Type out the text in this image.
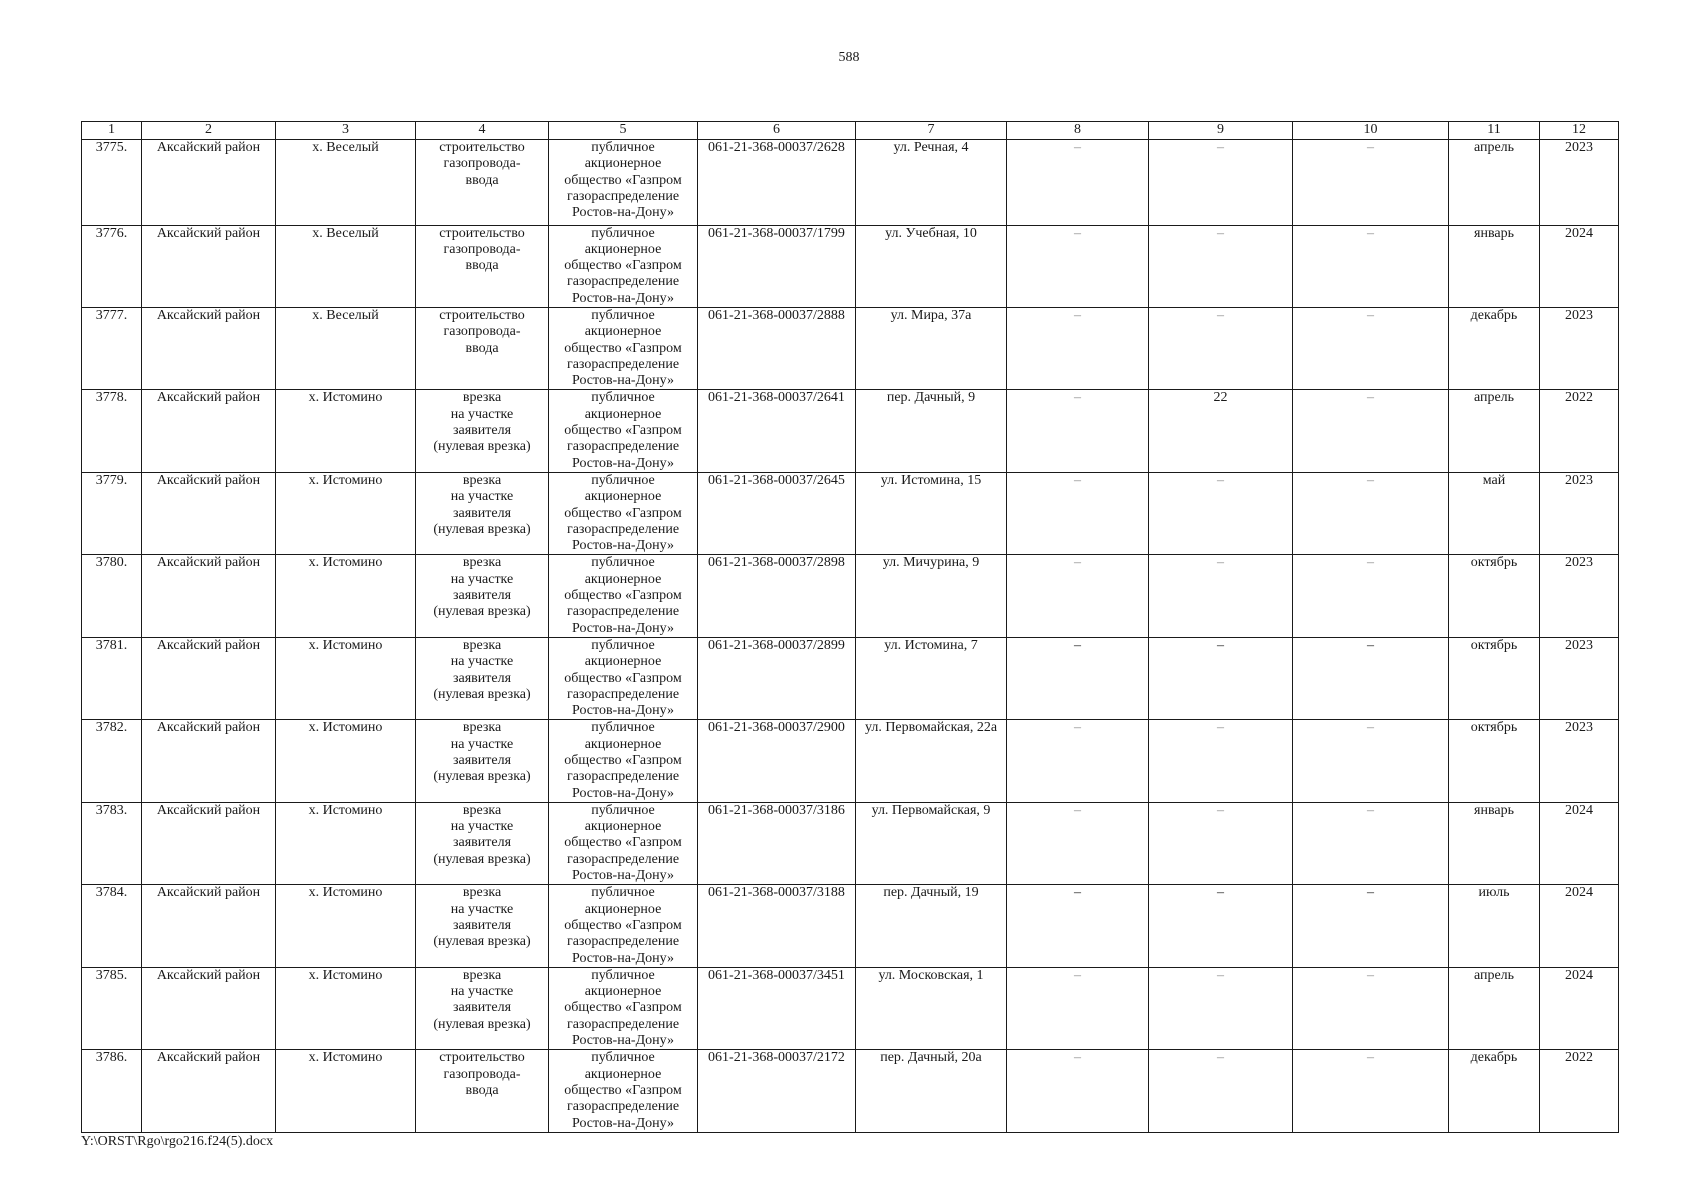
588
1	2	3	4	5	6	7	8	9	10	11	12
3775.	Аксайский район	х. Веселый	строительство
газопровода-
ввода	публичное
акционерное
общество «Газпром
газораспределение
Ростов-на-Дону»	061-21-368-00037/2628	ул. Речная, 4	–	–	–	апрель	2023
3776.	Аксайский район	х. Веселый	строительство
газопровода-
ввода	публичное
акционерное
общество «Газпром
газораспределение
Ростов-на-Дону»	061-21-368-00037/1799	ул. Учебная, 10	–	–	–	январь	2024
3777.	Аксайский район	х. Веселый	строительство
газопровода-
ввода	публичное
акционерное
общество «Газпром
газораспределение
Ростов-на-Дону»	061-21-368-00037/2888	ул. Мира, 37а	–	–	–	декабрь	2023
3778.	Аксайский район	х. Истомино	врезка
на участке
заявителя
(нулевая врезка)	публичное
акционерное
общество «Газпром
газораспределение
Ростов-на-Дону»	061-21-368-00037/2641	пер. Дачный, 9	–	22	–	апрель	2022
3779.	Аксайский район	х. Истомино	врезка
на участке
заявителя
(нулевая врезка)	публичное
акционерное
общество «Газпром
газораспределение
Ростов-на-Дону»	061-21-368-00037/2645	ул. Истомина, 15	–	–	–	май	2023
3780.	Аксайский район	х. Истомино	врезка
на участке
заявителя
(нулевая врезка)	публичное
акционерное
общество «Газпром
газораспределение
Ростов-на-Дону»	061-21-368-00037/2898	ул. Мичурина, 9	–	–	–	октябрь	2023
3781.	Аксайский район	х. Истомино	врезка
на участке
заявителя
(нулевая врезка)	публичное
акционерное
общество «Газпром
газораспределение
Ростов-на-Дону»	061-21-368-00037/2899	ул. Истомина, 7	–	–	–	октябрь	2023
3782.	Аксайский район	х. Истомино	врезка
на участке
заявителя
(нулевая врезка)	публичное
акционерное
общество «Газпром
газораспределение
Ростов-на-Дону»	061-21-368-00037/2900	ул. Первомайская, 22а	–	–	–	октябрь	2023
3783.	Аксайский район	х. Истомино	врезка
на участке
заявителя
(нулевая врезка)	публичное
акционерное
общество «Газпром
газораспределение
Ростов-на-Дону»	061-21-368-00037/3186	ул. Первомайская, 9	–	–	–	январь	2024
3784.	Аксайский район	х. Истомино	врезка
на участке
заявителя
(нулевая врезка)	публичное
акционерное
общество «Газпром
газораспределение
Ростов-на-Дону»	061-21-368-00037/3188	пер. Дачный, 19	–	–	–	июль	2024
3785.	Аксайский район	х. Истомино	врезка
на участке
заявителя
(нулевая врезка)	публичное
акционерное
общество «Газпром
газораспределение
Ростов-на-Дону»	061-21-368-00037/3451	ул. Московская, 1	–	–	–	апрель	2024
3786.	Аксайский район	х. Истомино	строительство
газопровода-
ввода	публичное
акционерное
общество «Газпром
газораспределение
Ростов-на-Дону»	061-21-368-00037/2172	пер. Дачный, 20а	–	–	–	декабрь	2022
Y:\ORST\Rgo\rgo216.f24(5).docx
